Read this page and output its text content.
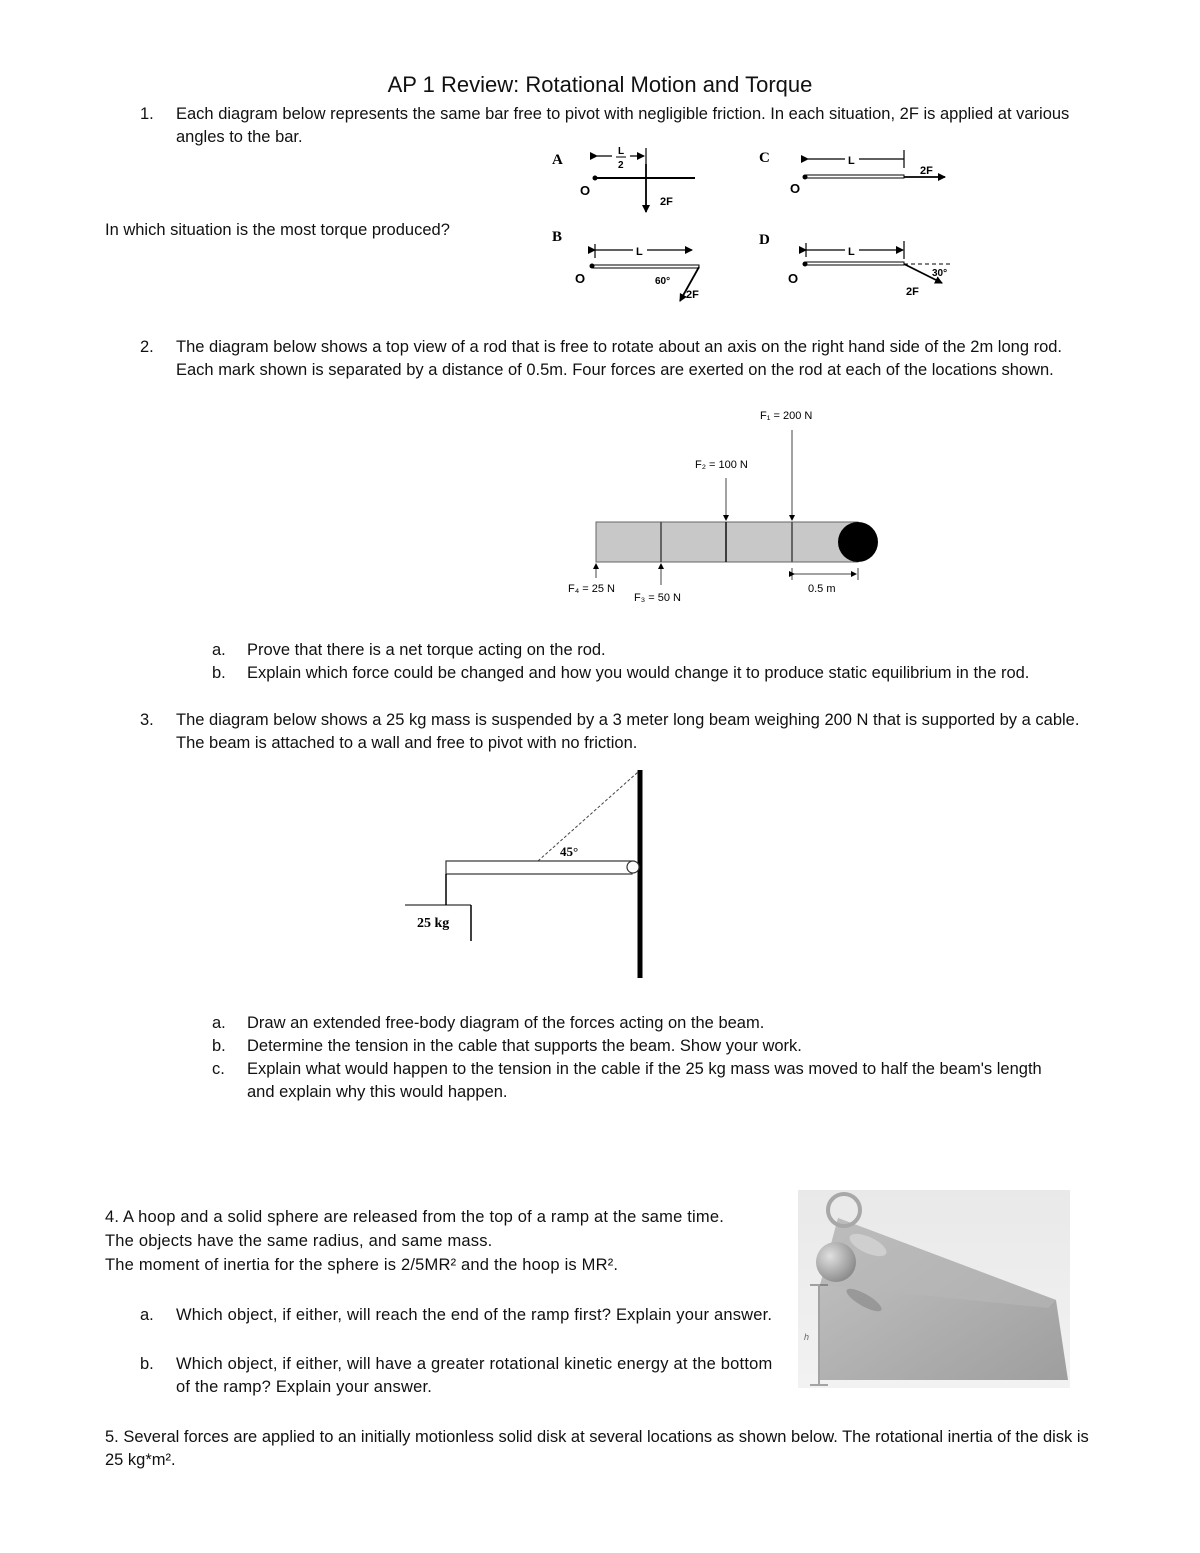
AP 1 Review: Rotational Motion and Torque
1. Each diagram below represents the same bar free to pivot with negligible friction. In each situation, 2F is applied at various angles to the bar.
In which situation is the most torque produced?
A
O
L
2
2F
C
O
L
2F
B
O
L
60°
2F
D
O
L
30°
2F
2. The diagram below shows a top view of a rod that is free to rotate about an axis on the right hand side of the 2m long rod. Each mark shown is separated by a distance of 0.5m. Four forces are exerted on the rod at each of the locations shown.
F₁ = 200 N
F₂ = 100 N
F₃ = 50 N
F₄ = 25 N	0.5 m
a. Prove that there is a net torque acting on the rod.
b. Explain which force could be changed and how you would change it to produce static equilibrium in the rod.
3. The diagram below shows a 25 kg mass is suspended by a 3 meter long beam weighing 200 N that is supported by a cable. The beam is attached to a wall and free to pivot with no friction.
45°
25 kg
a. Draw an extended free-body diagram of the forces acting on the beam.
b. Determine the tension in the cable that supports the beam. Show your work.
c. Explain what would happen to the tension in the cable if the 25 kg mass was moved to half the beam's length and explain why this would happen.
4. A hoop and a solid sphere are released from the top of a ramp at the same time.
The objects have the same radius, and same mass.
The moment of inertia for the sphere is 2/5MR² and the hoop is MR².
a. Which object, if either, will reach the end of the ramp first? Explain your answer.
b. Which object, if either, will have a greater rotational kinetic energy at the bottom of the ramp? Explain your answer.
h
5. Several forces are applied to an initially motionless solid disk at several locations as shown below. The rotational inertia of the disk is 25 kg*m².
